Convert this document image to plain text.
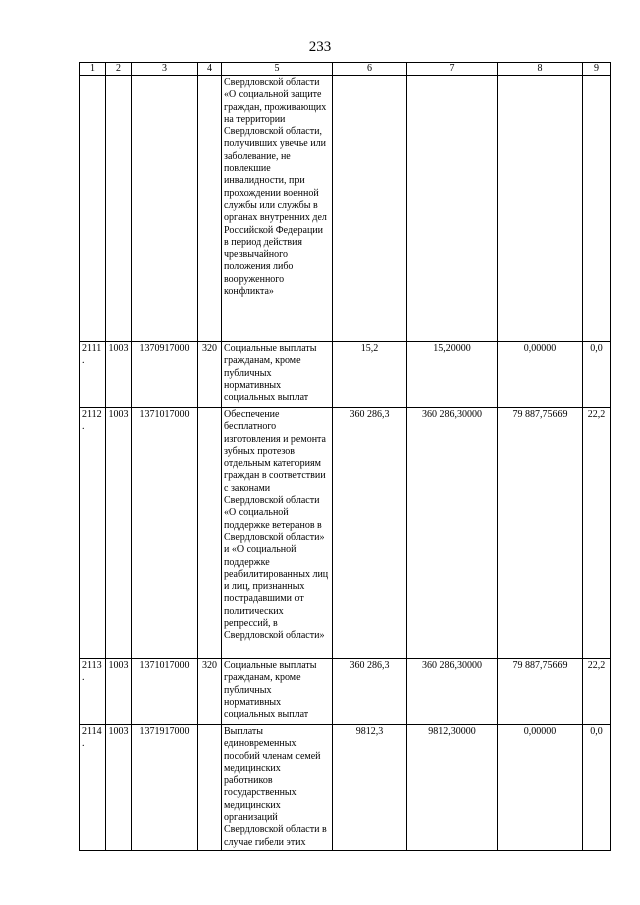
233
1	2	3	4	5	6	7	8	9
				Свердловской области «О социальной защите граждан, проживающих на территории Свердловской области, получивших увечье или заболевание, не повлекшие инвалидности, при прохождении военной службы или службы в органах внутренних дел Российской Федерации в период действия чрезвычайного положения либо вооруженного конфликта»				
2111.	1003	1370917000	320	Социальные выплаты гражданам, кроме публичных нормативных социальных выплат	15,2	15,20000	0,00000	0,0
2112.	1003	1371017000		Обеспечение бесплатного изготовления и ремонта зубных протезов отдельным категориям граждан в соответствии с законами Свердловской области «О социальной поддержке ветеранов в Свердловской области» и «О социальной поддержке реабилитированных лиц и лиц, признанных пострадавшими от политических репрессий, в Свердловской области»	360 286,3	360 286,30000	79 887,75669	22,2
2113.	1003	1371017000	320	Социальные выплаты гражданам, кроме публичных нормативных социальных выплат	360 286,3	360 286,30000	79 887,75669	22,2
2114.	1003	1371917000		Выплаты единовременных пособий членам семей медицинских работников государственных медицинских организаций Свердловской области в случае гибели этих	9812,3	9812,30000	0,00000	0,0
